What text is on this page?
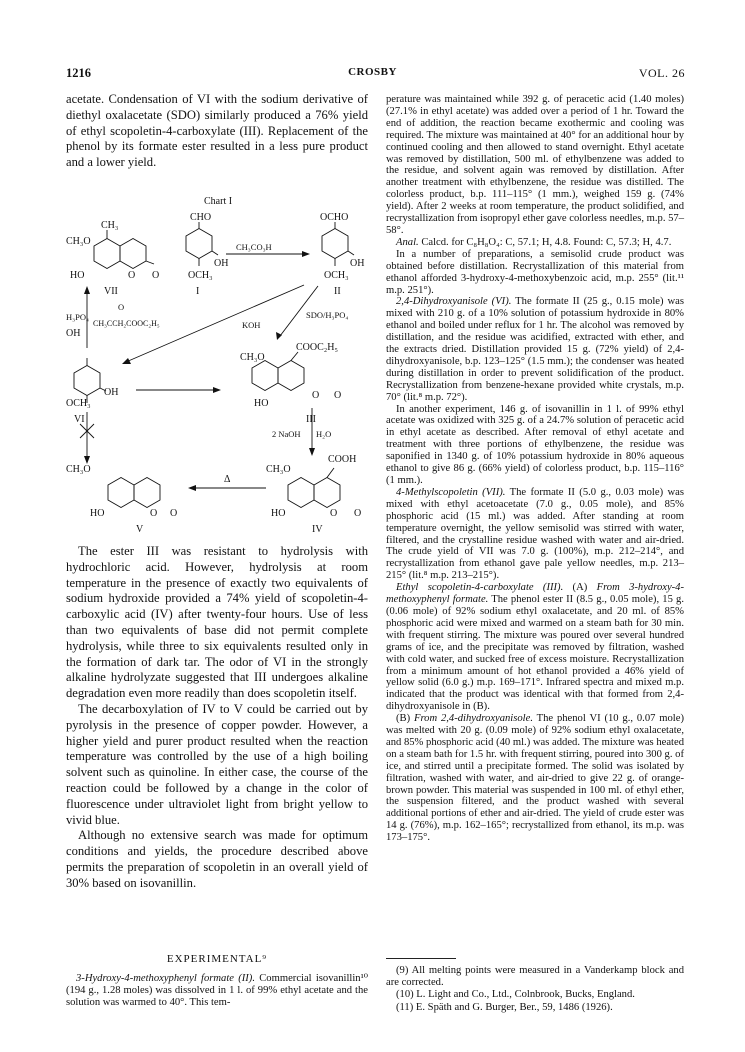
1216	CROSBY	VOL. 26

acetate. Condensation of VI with the sodium derivative of diethyl oxalacetate (SDO) similarly produced a 76% yield of ethyl scopoletin-4-carboxylate (III). Replacement of the phenol by its formate ester resulted in a less pure product and a lower yield.

Chart I
CHO	OCHO
CH₃
CH₃O
HO	O O
VII
OH
OCH₃
I
CH₃CO₃H
OH
OCH₃
II
H₃PO₄
O
CH₃CCH₂COOC₂H₅
SDO/H₃PO₄
KOH
OH
COOC₂H₅
CH₃O
OH
OCH₃
VI
HO
O O
III
2 NaOH H₂O
COOH
CH₃O
CH₃O
Δ
HO	O O	HO	O O
V	IV

The ester III was resistant to hydrolysis with hydrochloric acid. However, hydrolysis at room temperature in the presence of exactly two equivalents of sodium hydroxide provided a 74% yield of scopoletin-4-carboxylic acid (IV) after twenty-four hours. Use of less than two equivalents of base did not permit complete hydrolysis, while three to six equivalents resulted only in the formation of dark tar. The odor of VI in the strongly alkaline hydrolyzate suggested that III undergoes alkaline degradation even more readily than does scopoletin itself.

The decarboxylation of IV to V could be carried out by pyrolysis in the presence of copper powder. However, a higher yield and purer product resulted when the reaction temperature was controlled by the use of a high boiling solvent such as quinoline. In either case, the course of the reaction could be followed by a change in the color of fluorescence under ultraviolet light from bright yellow to vivid blue.

Although no extensive search was made for optimum conditions and yields, the procedure described above permits the preparation of scopoletin in an overall yield of 30% based on isovanillin.

EXPERIMENTAL⁹

3-Hydroxy-4-methoxyphenyl formate (II). Commercial isovanillin¹⁰ (194 g., 1.28 moles) was dissolved in 1 l. of 99% ethyl acetate and the solution was warmed to 40°. This tem-

perature was maintained while 392 g. of peracetic acid (1.40 moles) (27.1% in ethyl acetate) was added over a period of 1 hr. Toward the end of addition, the reaction became exothermic and cooling was required. The mixture was maintained at 40° for an additional hour by continued cooling and then allowed to stand overnight. Ethyl acetate was removed by distillation, 500 ml. of ethylbenzene was added to the residue, and solvent again was removed by distillation. After another treatment with ethylbenzene, the residue was distilled. The colorless product, b.p. 111–115° (1 mm.), weighed 159 g. (74% yield). After 2 weeks at room temperature, the product solidified, and recrystallization from isopropyl ether gave colorless needles, m.p. 57–58°.

Anal. Calcd. for C₈H₈O₄: C, 57.1; H, 4.8. Found: C, 57.3; H, 4.7.

In a number of preparations, a semisolid crude product was obtained before distillation. Recrystallization of this material from ethanol afforded 3-hydroxy-4-methoxybenzoic acid, m.p. 255° (lit.¹¹ m.p. 251°).

2,4-Dihydroxyanisole (VI). The formate II (25 g., 0.15 mole) was mixed with 210 g. of a 10% solution of potassium hydroxide in 80% ethanol and boiled under reflux for 1 hr. The alcohol was removed by distillation, and the residue was acidified, extracted with ether, and the extracts dried. Distillation provided 15 g. (72% yield) of 2,4-dihydroxyanisole, b.p. 123–125° (1.5 mm.); the condenser was heated during distillation in order to prevent solidification of the product. Recrystallization from benzene-hexane provided white crystals, m.p. 70° (lit.⁸ m.p. 72°).

In another experiment, 146 g. of isovanillin in 1 l. of 99% ethyl acetate was oxidized with 325 g. of a 24.7% solution of peracetic acid in ethyl acetate as described. After removal of ethyl acetate and treatment with three portions of ethylbenzene, the residue was saponified in 1340 g. of 10% potassium hydroxide in 80% aqueous ethanol to give 86 g. (66% yield) of colorless product, b.p. 115–116° (1 mm.).

4-Methylscopoletin (VII). The formate II (5.0 g., 0.03 mole) was mixed with ethyl acetoacetate (7.0 g., 0.05 mole), and 85% phosphoric acid (15 ml.) was added. After standing at room temperature overnight, the yellow semisolid was stirred with water, filtered, and the crystalline residue washed with water and air-dried. The crude yield of VII was 7.0 g. (100%), m.p. 212–214°, and recrystallization from ethanol gave pale yellow needles, m.p. 213–215° (lit.⁸ m.p. 213–215°).

Ethyl scopoletin-4-carboxylate (III). (A) From 3-hydroxy-4-methoxyphenyl formate. The phenol ester II (8.5 g., 0.05 mole), 15 g. (0.06 mole) of 92% sodium ethyl oxalacetate, and 20 ml. of 85% phosphoric acid were mixed and warmed on a steam bath for 30 min. with frequent stirring. The mixture was poured over several hundred grams of ice, and the precipitate was removed by filtration, washed with cold water, and sucked free of excess moisture. Recrystallization from a minimum amount of hot ethanol provided a 46% yield of yellow solid (6.0 g.) m.p. 169–171°. Infrared spectra and mixed m.p. indicated that the product was identical with that formed from 2,4-dihydroxyanisole in (B).

(B) From 2,4-dihydroxyanisole. The phenol VI (10 g., 0.07 mole) was melted with 20 g. (0.09 mole) of 92% sodium ethyl oxalacetate, and 85% phosphoric acid (40 ml.) was added. The mixture was heated on a steam bath for 1.5 hr. with frequent stirring, poured into 300 g. of ice, and stirred until a precipitate formed. The solid was isolated by filtration, washed with water, and air-dried to give 22 g. of orange-brown powder. This material was suspended in 100 ml. of ethyl ether, the suspension filtered, and the product washed with several additional portions of ether and air-dried. The yield of crude ester was 14 g. (76%), m.p. 162–165°; recrystallized from ethanol, its m.p. was 173–175°.

(9) All melting points were measured in a Vanderkamp block and are corrected.

(10) L. Light and Co., Ltd., Colnbrook, Bucks, England.

(11) E. Späth and G. Burger, Ber., 59, 1486 (1926).
